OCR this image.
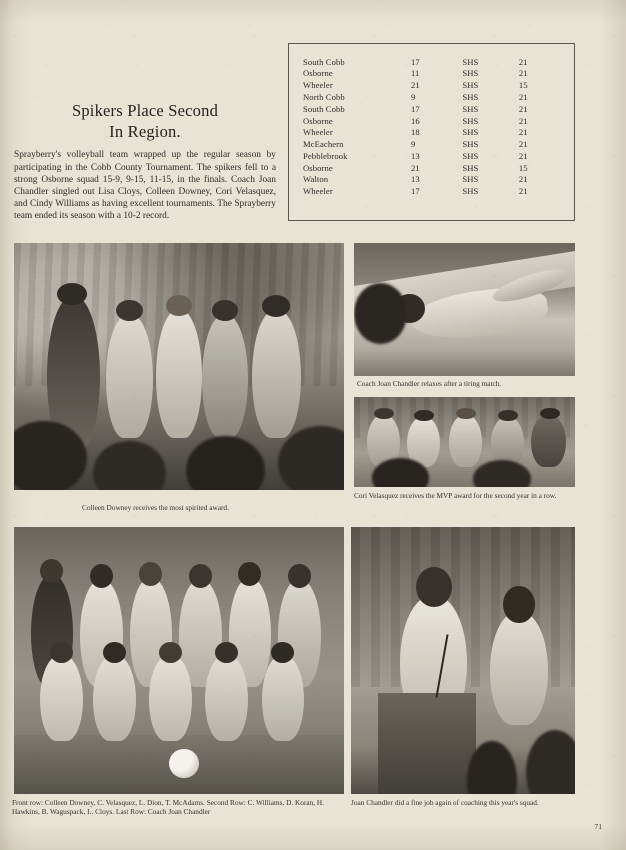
South Cobb	17	SHS	21
Osborne	11	SHS	21
Wheeler	21	SHS	15
North Cobb	9	SHS	21
South Cobb	17	SHS	21
Osborne	16	SHS	21
Wheeler	18	SHS	21
McEachern	9	SHS	21
Pebblebrook	13	SHS	21
Osborne	21	SHS	15
Walton	13	SHS	21
Wheeler	17	SHS	21
Spikers Place Second
In Region.

Sprayberry's volleyball team wrapped up the regular season by participating in the Cobb County Tournament. The spikers fell to a strong Osborne squad 15-9, 9-15, 11-15, in the finals. Coach Joan Chandler singled out Lisa Cloys, Colleen Downey, Cori Velasquez, and Cindy Williams as having excellent tournaments. The Sprayberry team ended its season with a 10-2 record.

Colleen Downey receives the most spirited award.
Coach Joan Chandler relaxes after a tiring match.
Cori Velasquez receives the MVP award for the second year in a row.
Front row: Colleen Downey, C. Velasquez, L. Dion, T. McAdams. Second Row: C. Williams, D. Koran, H. Hawkins, B. Waguspack, L. Cloys. Last Row: Coach Joan Chandler
Joan Chandler did a fine job again of coaching this year's squad.
71
